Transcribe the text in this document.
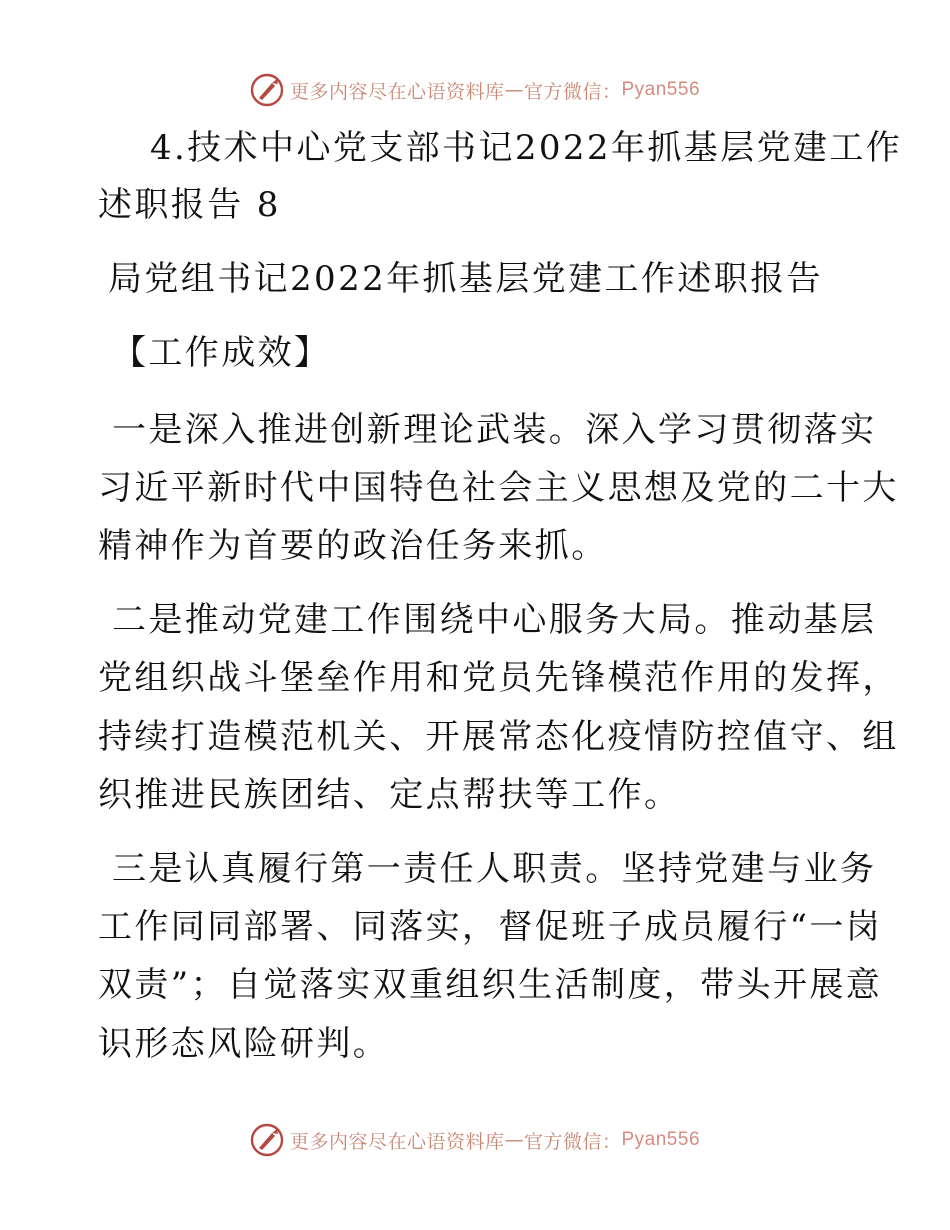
更多内容尽在心语资料库 — 官方微信： Pyan556
4.技术中心党支部书记2022年抓基层党建工作
述职报告 8
局党组书记2022年抓基层党建工作述职报告
【工作成效】
一是深入推进创新理论武装。深入学习贯彻落实
习近平新时代中国特色社会主义思想及党的二十大
精神作为首要的政治任务来抓。
二是推动党建工作围绕中心服务大局。推动基层
党组织战斗堡垒作用和党员先锋模范作用的发挥，
持续打造模范机关、开展常态化疫情防控值守、组
织推进民族团结、定点帮扶等工作。
三是认真履行第一责任人职责。坚持党建与业务
工作同同部署、同落实，督促班子成员履行“一岗
双责”；自觉落实双重组织生活制度，带头开展意
识形态风险研判。
更多内容尽在心语资料库 — 官方微信： Pyan556
